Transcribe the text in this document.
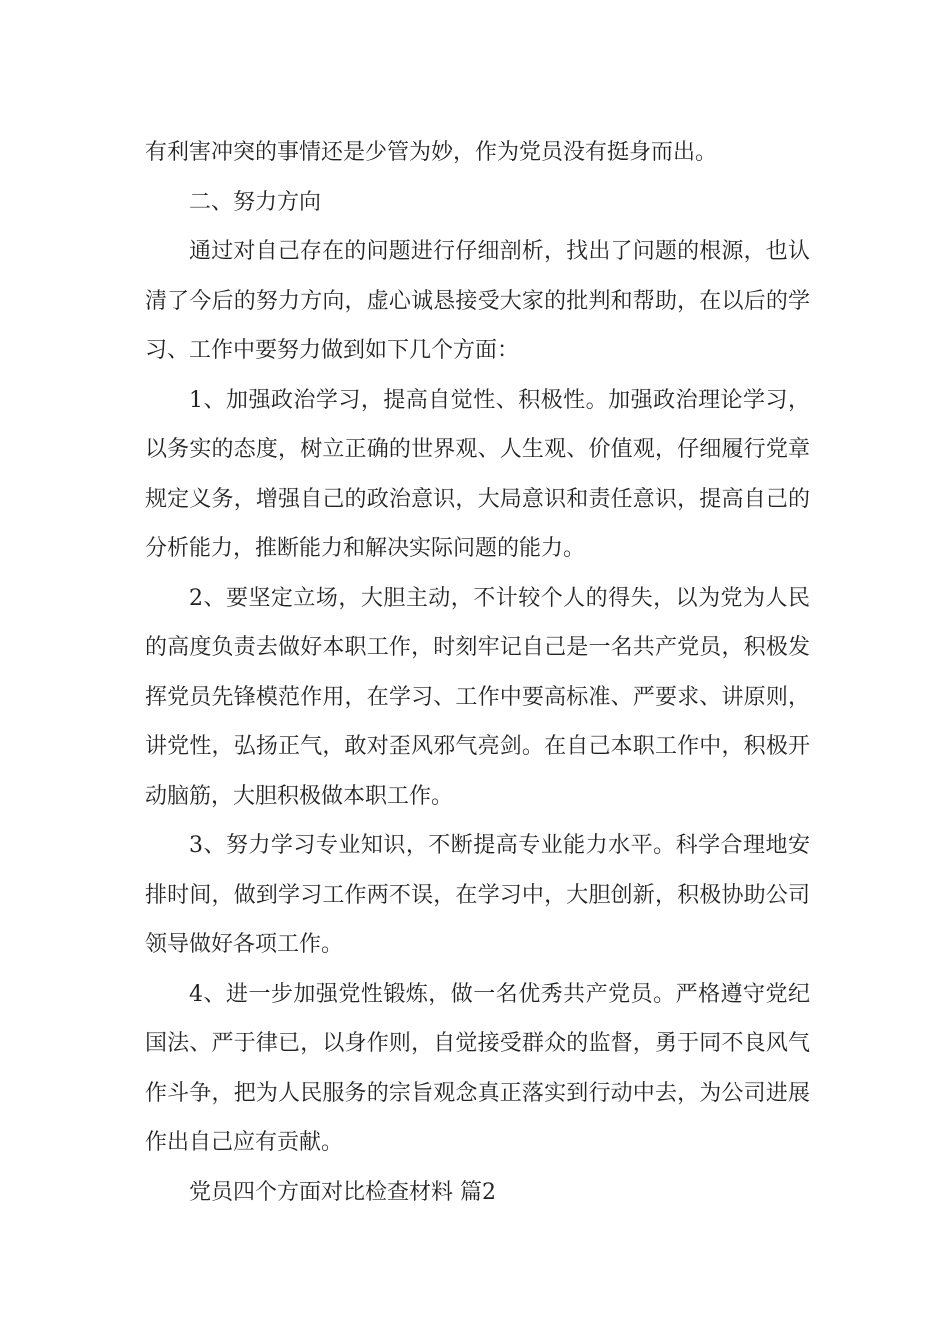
有利害冲突的事情还是少管为妙，作为党员没有挺身而出。

二、努力方向

通过对自己存在的问题进行仔细剖析，找出了问题的根源，也认清了今后的努力方向，虚心诚恳接受大家的批判和帮助，在以后的学习、工作中要努力做到如下几个方面：

1、加强政治学习，提高自觉性、积极性。加强政治理论学习，以务实的态度，树立正确的世界观、人生观、价值观，仔细履行党章规定义务，增强自己的政治意识，大局意识和责任意识，提高自己的分析能力，推断能力和解决实际问题的能力。

2、要坚定立场，大胆主动，不计较个人的得失，以为党为人民的高度负责去做好本职工作，时刻牢记自己是一名共产党员，积极发挥党员先锋模范作用，在学习、工作中要高标准、严要求、讲原则，讲党性，弘扬正气，敢对歪风邪气亮剑。在自己本职工作中，积极开动脑筋，大胆积极做本职工作。

3、努力学习专业知识，不断提高专业能力水平。科学合理地安排时间，做到学习工作两不误，在学习中，大胆创新，积极协助公司领导做好各项工作。

4、进一步加强党性锻炼，做一名优秀共产党员。严格遵守党纪国法、严于律已，以身作则，自觉接受群众的监督，勇于同不良风气作斗争，把为人民服务的宗旨观念真正落实到行动中去，为公司进展作出自己应有贡献。

党员四个方面对比检查材料 篇2
